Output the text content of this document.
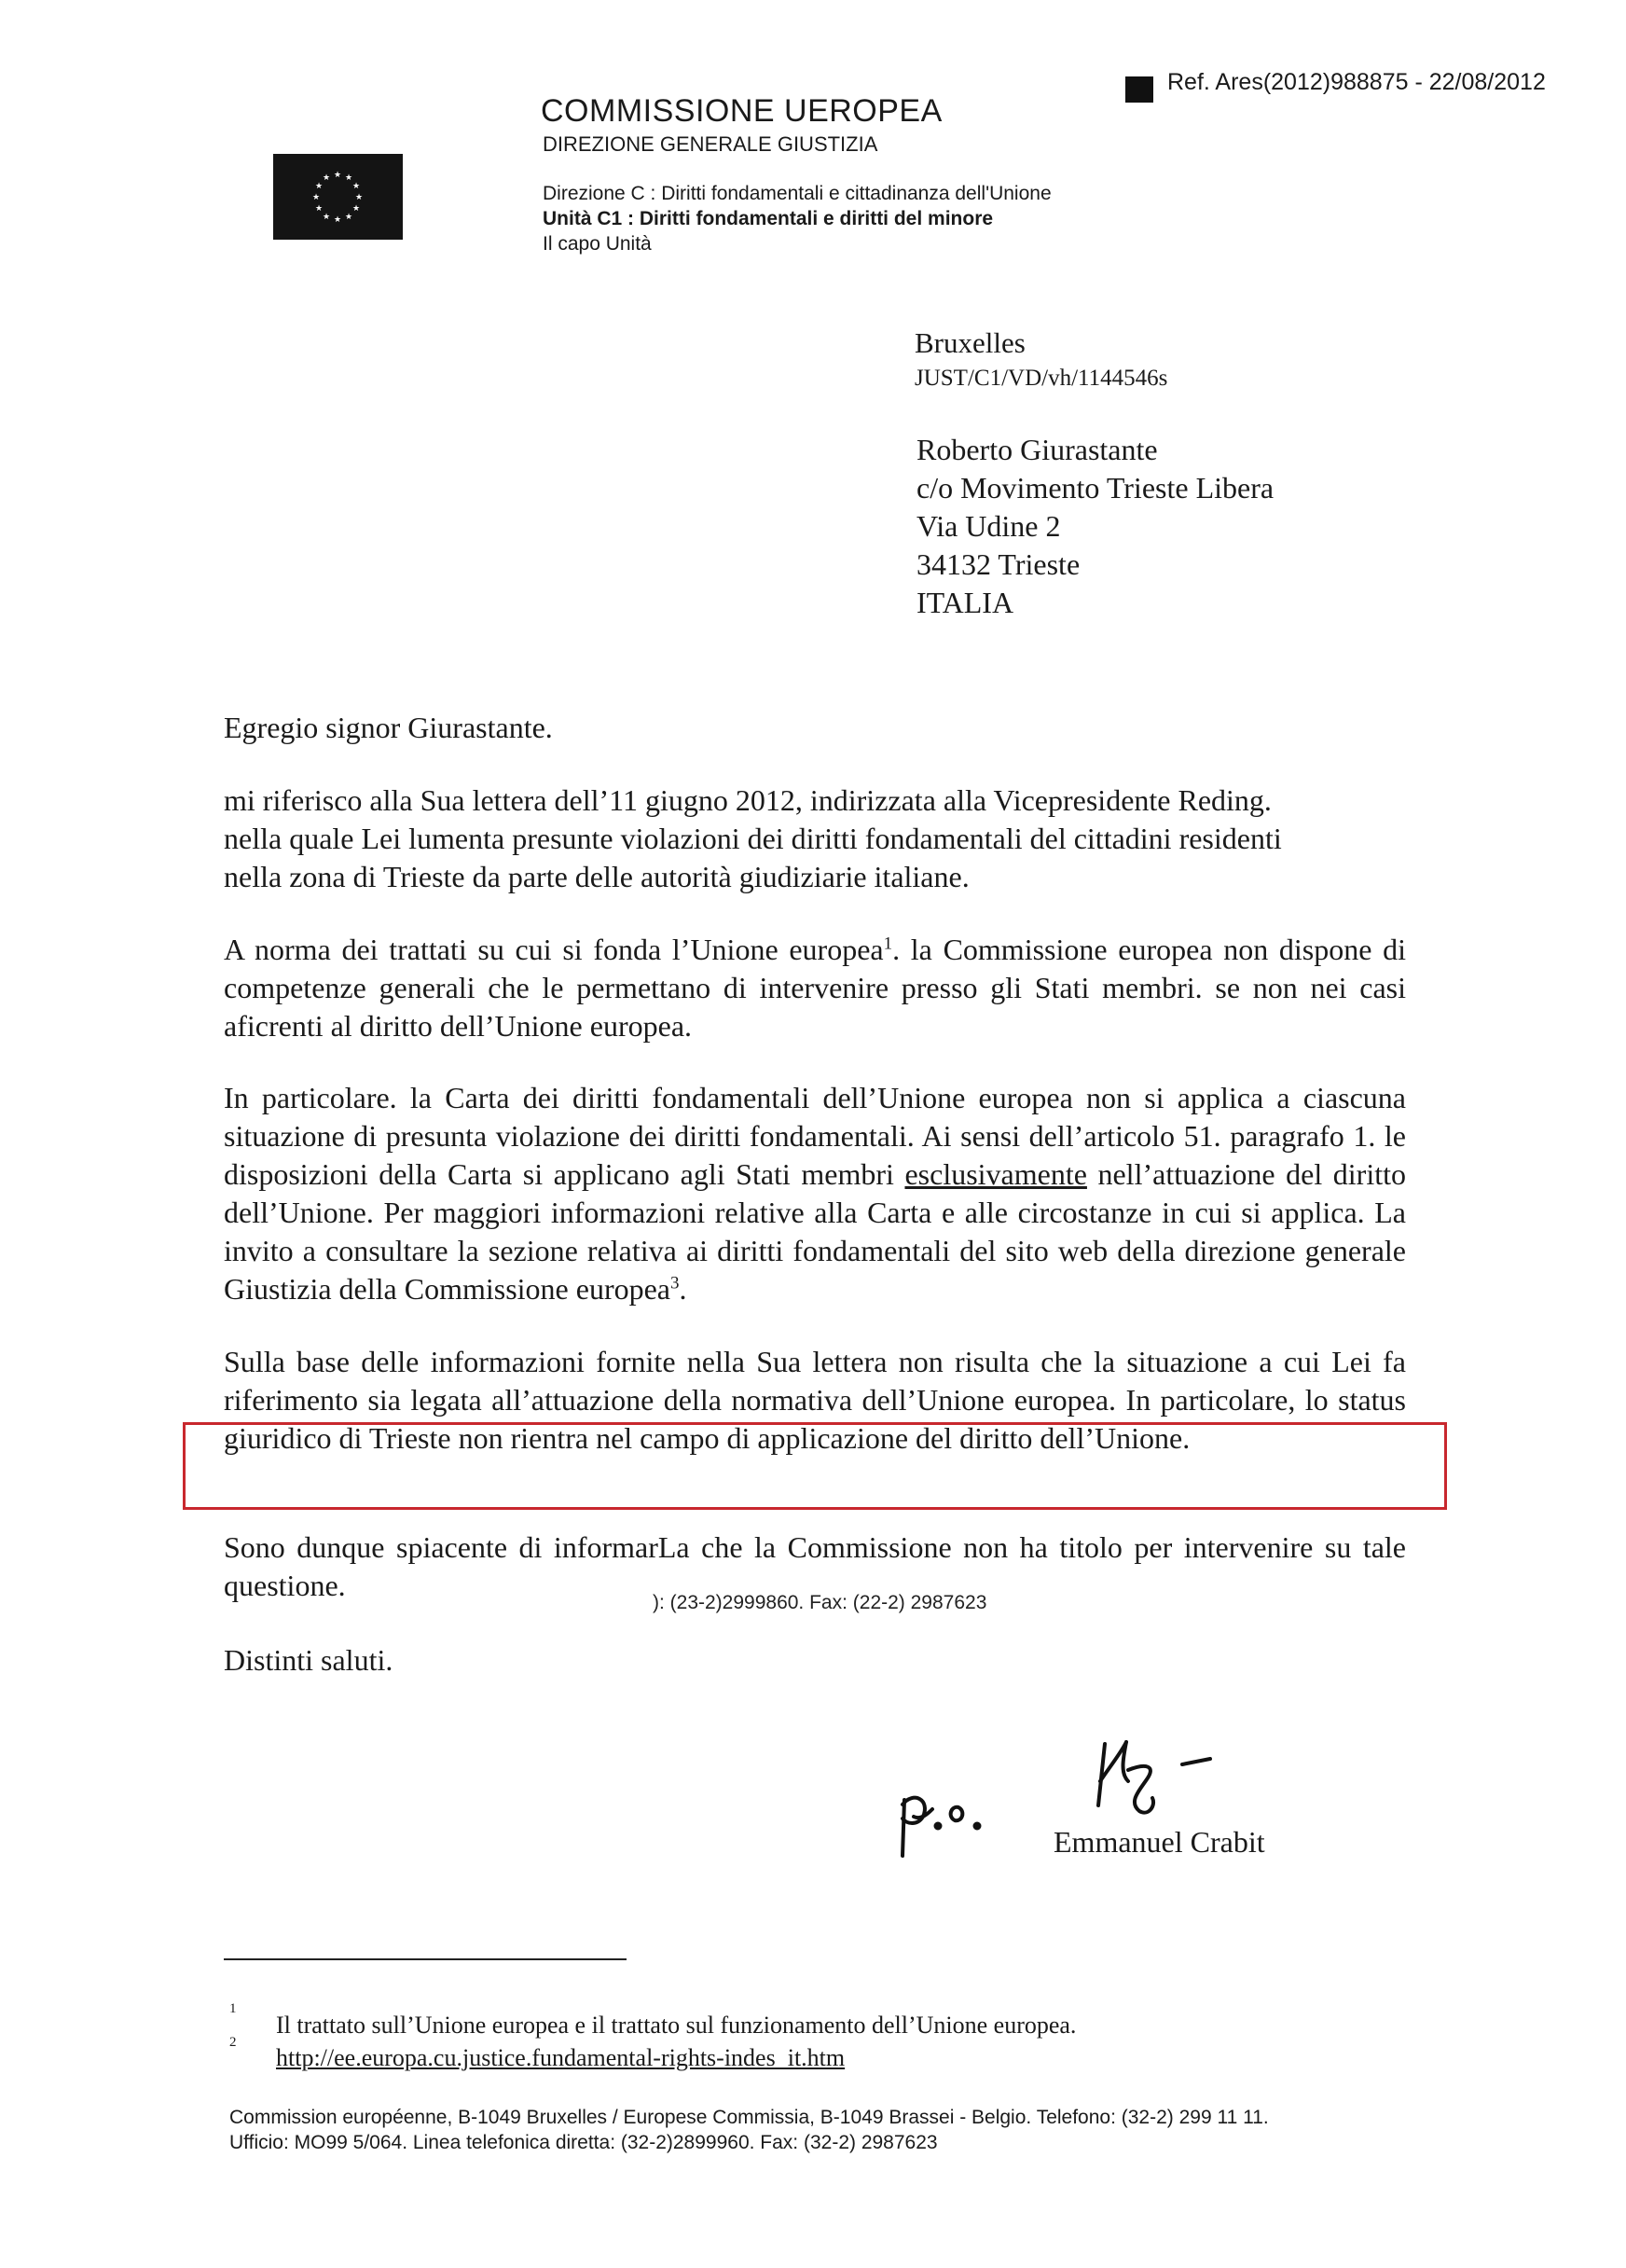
Ref. Ares(2012)988875 - 22/08/2012
★ ★
★
★
★
★
★
★
★
★
★
★
COMMISSIONE UEROPEA
DIREZIONE GENERALE GIUSTIZIA
Direzione C : Diritti fondamentali e cittadinanza dell'Unione
Unità C1 : Diritti fondamentali e diritti del minore
Il capo Unità
Bruxelles
JUST/C1/VD/vh/1144546s
Roberto Giurastante
c/o Movimento Trieste Libera
Via Udine 2
34132 Trieste
ITALIA
Egregio signor Giurastante.
mi riferisco alla Sua lettera dell’11 giugno 2012, indirizzata alla Vicepresidente Reding.
nella quale Lei lumenta presunte violazioni dei diritti fondamentali del cittadini residenti
nella zona di Trieste da parte delle autorità giudiziarie italiane.
A norma dei trattati su cui si fonda l’Unione europea$^1$. la Commissione europea non dispone di competenze generali che le permettano di intervenire presso gli Stati membri. se non nei casi aficrenti al diritto dell’Unione europea.
In particolare. la Carta dei diritti fondamentali dell’Unione europea non si applica a ciascuna situazione di presunta violazione dei diritti fondamentali. Ai sensi dell’articolo 51. paragrafo 1. le disposizioni della Carta si applicano agli Stati membri esclusivamente nell’attuazione del diritto dell’Unione. Per maggiori informazioni relative alla Carta e alle circostanze in cui si applica. La invito a consultare la sezione relativa ai diritti fondamentali del sito web della direzione generale Giustizia della Commissione europea$^3$.
Sulla base delle informazioni fornite nella Sua lettera non risulta che la situazione a cui Lei fa riferimento sia legata all’attuazione della normativa dell’Unione europea. In particolare, lo status giuridico di Trieste non rientra nel campo di applicazione del diritto dell’Unione.
Sono dunque spiacente di informarLa che la Commissione non ha titolo per intervenire su tale questione.
): (23-2)2999860. Fax: (22-2) 2987623
Distinti saluti.
Emmanuel Crabit
1
Il trattato sull’Unione europea e il trattato sul funzionamento dell’Unione europea.
2
http://ee.europa.cu.justice.fundamental-rights-indes_it.htm
Commission européenne, B-1049 Bruxelles / Europese Commissia, B-1049 Brassei - Belgio. Telefono: (32-2) 299 11 11.
Ufficio: MO99 5/064. Linea telefonica diretta: (32-2)2899960. Fax: (32-2) 2987623
